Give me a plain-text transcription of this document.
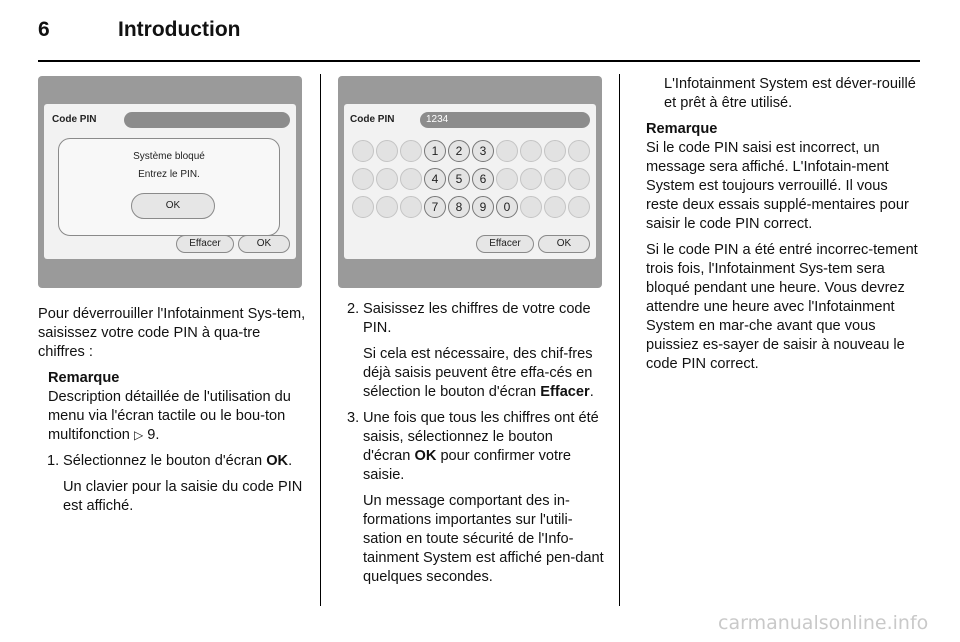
6	Introduction
Code PIN
Système bloqué
Entrez le PIN.
OK
Effacer	OK
Code PIN	1234
1	2	3
4	5	6
7	8	9	0
Effacer	OK

Pour déverrouiller l'Infotainment Sys-tem, saisissez votre code PIN à qua-tre chiffres :

Remarque

Description détaillée de l'utilisation du menu via l'écran tactile ou le bou-ton multifonction ▷ 9.

1. Sélectionnez le bouton d'écran OK.

Un clavier pour la saisie du code PIN est affiché.

2. Saisissez les chiffres de votre code PIN.

Si cela est nécessaire, des chif-fres déjà saisis peuvent être effa-cés en sélection le bouton d'écran Effacer.

3. Une fois que tous les chiffres ont été saisis, sélectionnez le bouton d'écran OK pour confirmer votre saisie.

Un message comportant des in-formations importantes sur l'utili-sation en toute sécurité de l'Info-tainment System est affiché pen-dant quelques secondes.

L'Infotainment System est déver-rouillé et prêt à être utilisé.

Remarque

Si le code PIN saisi est incorrect, un message sera affiché. L'Infotain-ment System est toujours verrouillé. Il vous reste deux essais supplé-mentaires pour saisir le code PIN correct.

Si le code PIN a été entré incorrec-tement trois fois, l'Infotainment Sys-tem sera bloqué pendant une heure. Vous devrez attendre une heure avec l'Infotainment System en mar-che avant que vous puissiez es-sayer de saisir à nouveau le code PIN correct.

carmanualsonline.info
